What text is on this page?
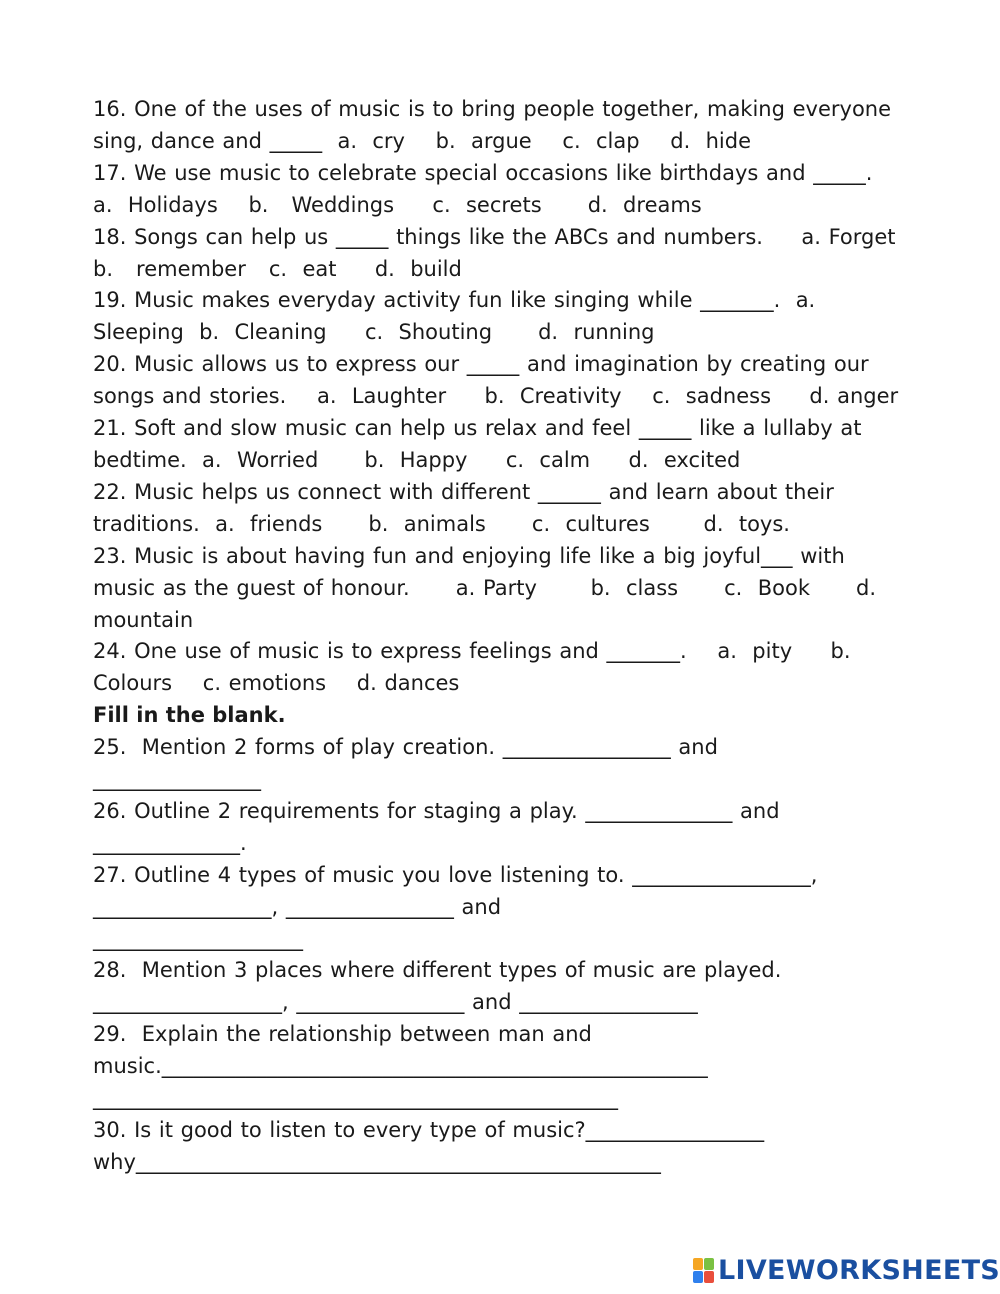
16. One of the uses of music is to bring people together, making everyone
sing, dance and _____  a.  cry    b.  argue    c.  clap    d.  hide
17. We use music to celebrate special occasions like birthdays and _____.
a.  Holidays    b.   Weddings     c.  secrets      d.  dreams
18. Songs can help us _____ things like the ABCs and numbers.     a. Forget
b.   remember   c.  eat     d.  build
19. Music makes everyday activity fun like singing while _______.  a.
Sleeping  b.  Cleaning     c.  Shouting      d.  running
20. Music allows us to express our _____ and imagination by creating our
songs and stories.    a.  Laughter     b.  Creativity    c.  sadness     d. anger
21. Soft and slow music can help us relax and feel _____ like a lullaby at
bedtime.  a.  Worried      b.  Happy     c.  calm     d.  excited
22. Music helps us connect with different ______ and learn about their
traditions.  a.  friends      b.  animals      c.  cultures       d.  toys.
23. Music is about having fun and enjoying life like a big joyful___ with
music as the guest of honour.      a. Party       b.  class      c.  Book      d.
mountain
24. One use of music is to express feelings and _______.    a.  pity     b.
Colours    c. emotions    d. dances
Fill in the blank.
25.  Mention 2 forms of play creation. ________________ and
________________
26. Outline 2 requirements for staging a play. ______________ and
______________.
27. Outline 4 types of music you love listening to. _________________,
_________________, ________________ and
____________________
28.  Mention 3 places where different types of music are played.
__________________, ________________ and _________________
29.  Explain the relationship between man and
music.____________________________________________________
__________________________________________________
30. Is it good to listen to every type of music?_________________
why__________________________________________________
LIVEWORKSHEETS
